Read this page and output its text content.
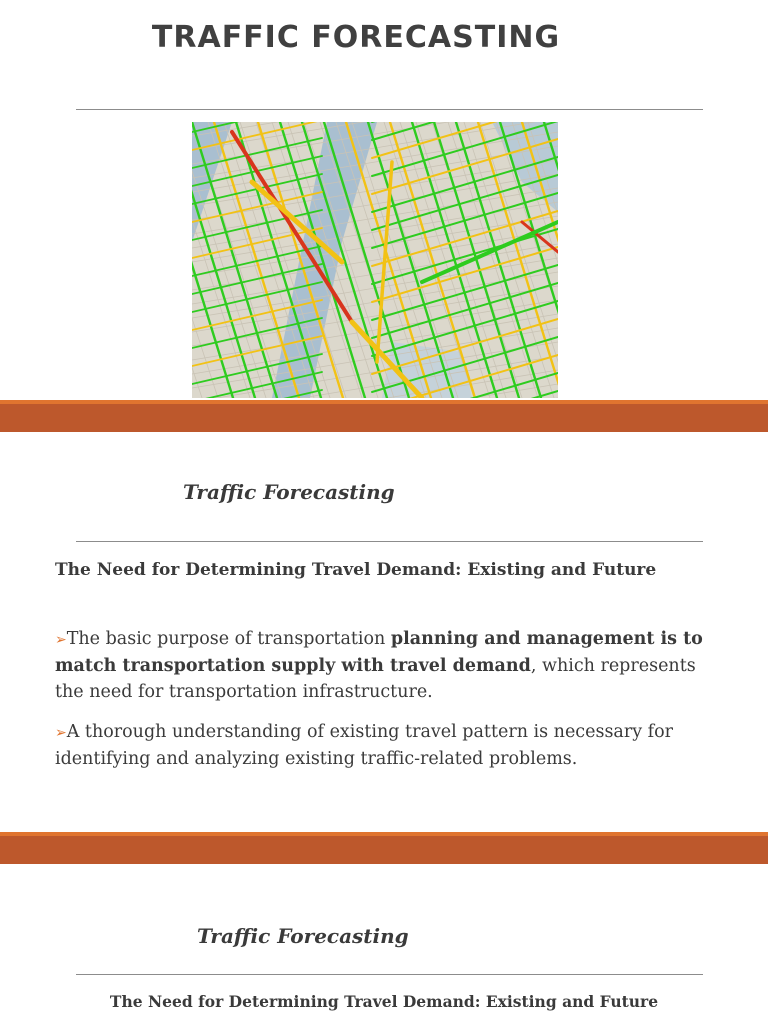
TRAFFIC FORECASTING
Traffic Forecasting

The Need for Determining Travel Demand: Existing and Future

➢The basic purpose of transportation planning and management is to match transportation supply with travel demand, which represents the need for transportation infrastructure.

➢A thorough understanding of existing travel pattern is necessary for identifying and analyzing existing traffic-related problems.

Traffic Forecasting

The Need for Determining Travel Demand: Existing and Future
